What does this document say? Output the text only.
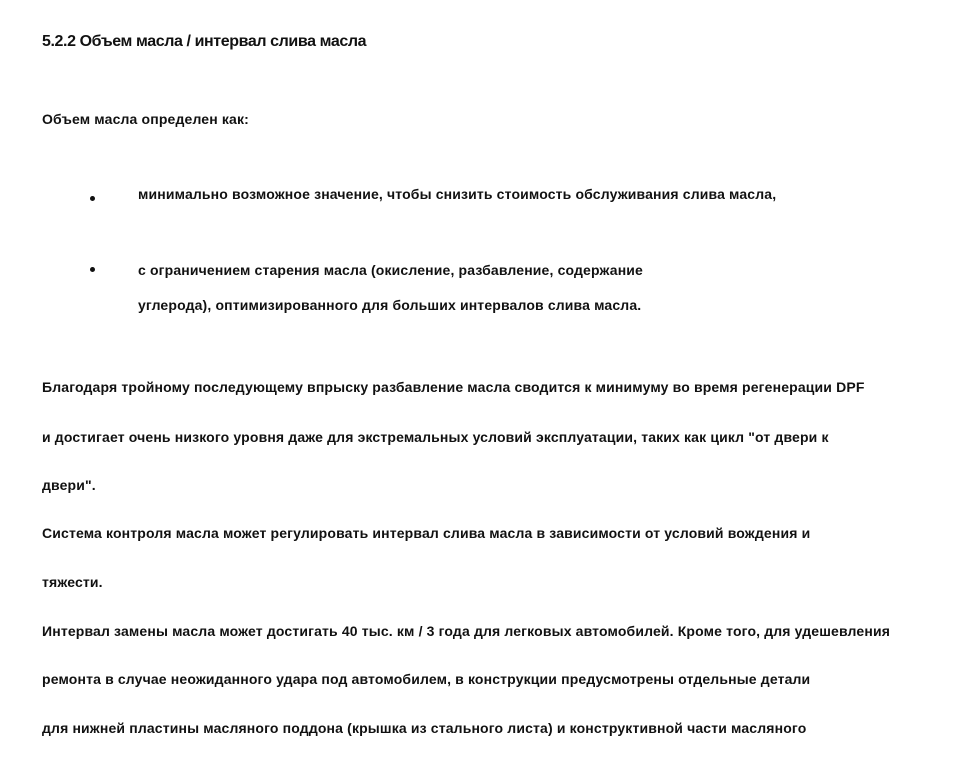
5.2.2 Объем масла / интервал слива масла
Объем масла определен как:
минимально возможное значение, чтобы снизить стоимость обслуживания слива масла,
с ограничением старения масла (окисление, разбавление, содержание
углерода), оптимизированного для больших интервалов слива масла.
Благодаря тройному последующему впрыску разбавление масла сводится к минимуму во время регенерации DPF
и достигает очень низкого уровня даже для экстремальных условий эксплуатации, таких как цикл "от двери к
двери".
Система контроля масла может регулировать интервал слива масла в зависимости от условий вождения и
тяжести.
Интервал замены масла может достигать 40 тыс. км / 3 года для легковых автомобилей. Кроме того, для удешевления
ремонта в случае неожиданного удара под автомобилем, в конструкции предусмотрены отдельные детали
для нижней пластины масляного поддона (крышка из стального листа) и конструктивной части масляного
